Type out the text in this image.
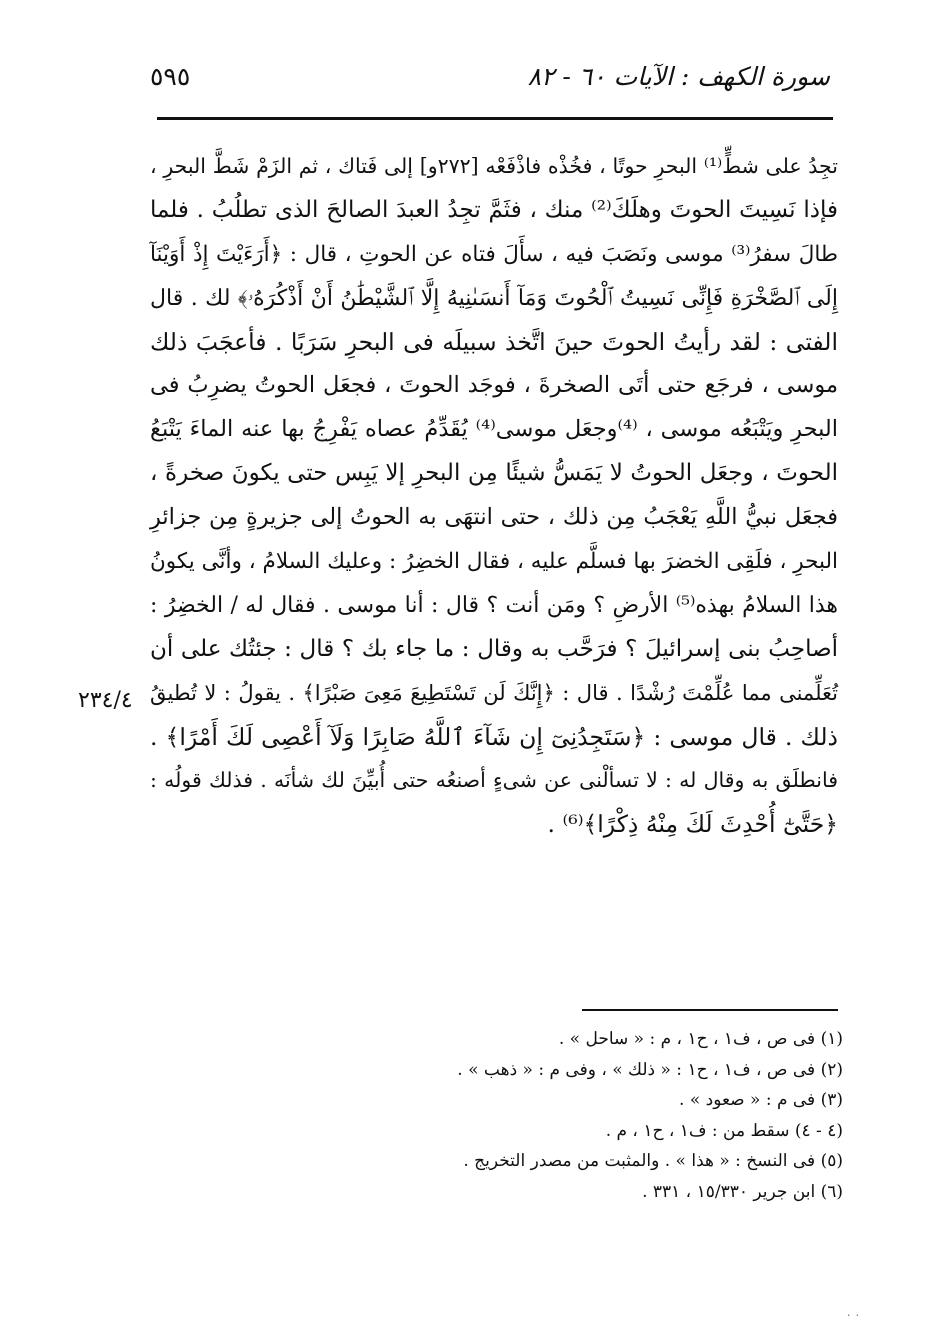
سورة الكهف : الآيات ٦٠ - ٨٢
٥٩٥
٢٣٤/٤
تجِدُ على شطٍّ⁽¹⁾ البحرِ حوتًا ، فخُذْه فاذْفَعْه [٢٧٢و] إلى فَتاك ، ثم الزَمْ شَطَّ البحرِ ،
فإذا نَسِيتَ الحوتَ وهلَكَ⁽²⁾ منك ، فثَمَّ تجِدُ العبدَ الصالحَ الذى تطلُبُ . فلما
طالَ سفرُ⁽³⁾ موسى ونَصَبَ فيه ، سأَلَ فتاه عن الحوتِ ، قال : ﴿أَرَءَيْتَ إِذْ أَوَيْنَآ
إِلَى ٱلصَّخْرَةِ فَإِنِّى نَسِيتُ ٱلْحُوتَ وَمَآ أَنسَىٰنِيهُ إِلَّا ٱلشَّيْطَٰنُ أَنْ أَذْكُرَهُۥ﴾ لك . قال
الفتى : لقد رأيتُ الحوتَ حينَ اتَّخذ سبيلَه فى البحرِ سَرَبًا . فأعجَبَ ذلك
موسى ، فرجَع حتى أتَى الصخرةَ ، فوجَد الحوتَ ، فجعَل الحوتُ يضرِبُ فى
البحرِ ويَتْبَعُه موسى ، ⁽⁴⁾وجعَل موسى⁽⁴⁾ يُقَدِّمُ عصاه يَفْرِجُ بها عنه الماءَ يَتْبَعُ
الحوتَ ، وجعَل الحوتُ لا يَمَسُّ شيئًا مِن البحرِ إلا يَبِس حتى يكونَ صخرةً ،
فجعَل نبيُّ اللَّهِ يَعْجَبُ مِن ذلك ، حتى انتهَى به الحوتُ إلى جزيرةٍ مِن جزائرِ
البحرِ ، فلَقِى الخضرَ بها فسلَّم عليه ، فقال الخضِرُ : وعليك السلامُ ، وأنَّى يكونُ
هذا السلامُ بهذه⁽⁵⁾ الأرضِ ؟ ومَن أنت ؟ قال : أنا موسى . فقال له / الخضِرُ :
أصاحِبُ بنى إسرائيلَ ؟ فرَحَّب به وقال : ما جاء بك ؟ قال : جئتُك على أن
تُعَلِّمنى مما عُلِّمْتَ رُشْدًا . قال : ﴿إِنَّكَ لَن تَسْتَطِيعَ مَعِىَ صَبْرًا﴾ . يقولُ : لا تُطيقُ
ذلك . قال موسى : ﴿سَتَجِدُنِىٓ إِن شَآءَ ٱللَّهُ صَابِرًا وَلَآ أَعْصِى لَكَ أَمْرًا﴾ .
فانطلَق به وقال له : لا تسألْنى عن شىءٍ أصنعُه حتى أُبيِّنَ لك شأنَه . فذلك قولُه :
﴿حَتَّىٰٓ أُحْدِثَ لَكَ مِنْهُ ذِكْرًا﴾⁽⁶⁾ .
(١) فى ص ، ف١ ، ح١ ، م : « ساحل » .
(٢) فى ص ، ف١ ، ح١ : « ذلك » ، وفى م : « ذهب » .
(٣) فى م : « صعود » .
(٤ - ٤) سقط من : ف١ ، ح١ ، م .
(٥) فى النسخ : « هذا » . والمثبت من مصدر التخريج .
(٦) ابن جرير ١٥/٣٣٠ ، ٣٣١ .
٠ ٠
